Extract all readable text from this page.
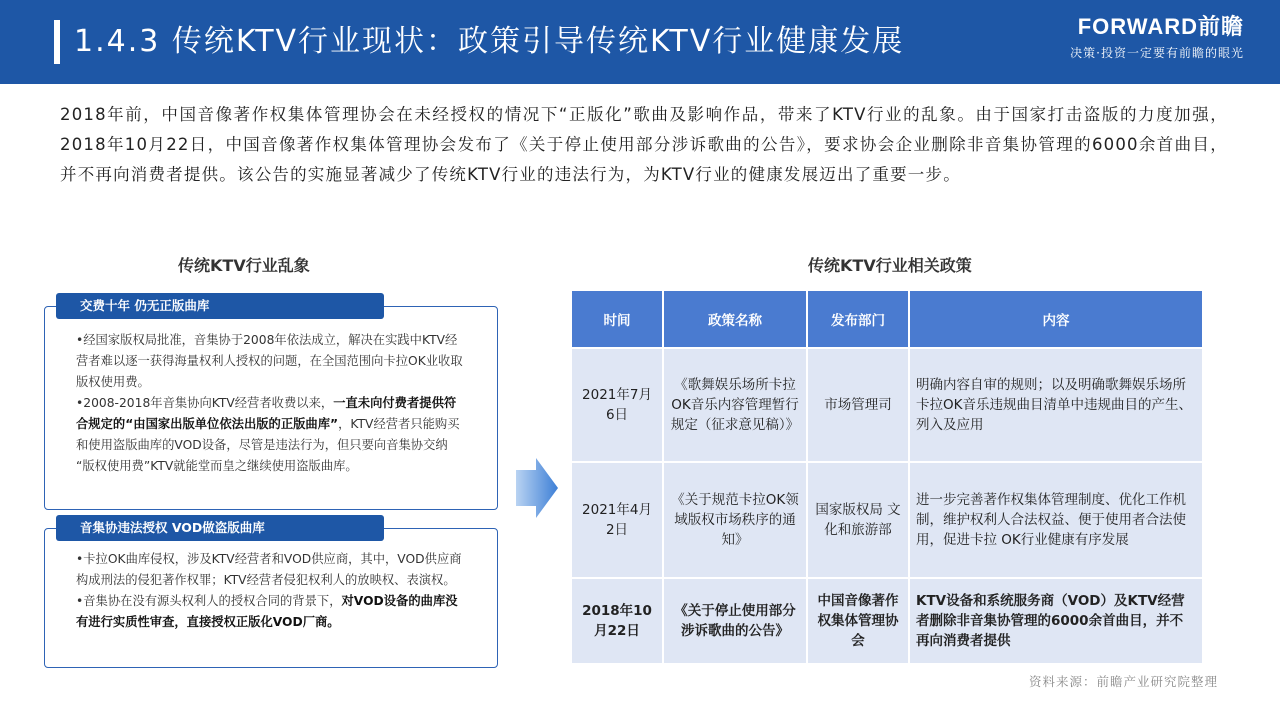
1.4.3 传统KTV行业现状：政策引导传统KTV行业健康发展	FORWARD前瞻
决策·投资一定要有前瞻的眼光
2018年前，中国音像著作权集体管理协会在未经授权的情况下“正版化”歌曲及影响作品，带来了KTV行业的乱象。由于国家打击盗版的力度加强，2018年10月22日，中国音像著作权集体管理协会发布了《关于停止使用部分涉诉歌曲的公告》，要求协会企业删除非音集协管理的6000余首曲目，并不再向消费者提供。该公告的实施显著减少了传统KTV行业的违法行为，为KTV行业的健康发展迈出了重要一步。
传统KTV行业乱象	传统KTV行业相关政策
交费十年 仍无正版曲库
•经国家版权局批准，音集协于2008年依法成立，解决在实践中KTV经营者难以逐一获得海量权利人授权的问题，在全国范围向卡拉OK业收取版权使用费。
•2008-2018年音集协向KTV经营者收费以来，一直未向付费者提供符合规定的“由国家出版单位依法出版的正版曲库”，KTV经营者只能购买和使用盗版曲库的VOD设备，尽管是违法行为，但只要向音集协交纳 “版权使用费”KTV就能堂而皇之继续使用盗版曲库。
音集协违法授权 VOD做盗版曲库
•卡拉OK曲库侵权，涉及KTV经营者和VOD供应商，其中，VOD供应商构成刑法的侵犯著作权罪；KTV经营者侵犯权利人的放映权、表演权。
•音集协在没有源头权利人的授权合同的背景下，对VOD设备的曲库没有进行实质性审查，直接授权正版化VOD厂商。
时间	政策名称	发布部门	内容
2021年7月6日	《歌舞娱乐场所卡拉OK音乐内容管理暂行规定（征求意见稿）》	市场管理司	明确内容自审的规则；以及明确歌舞娱乐场所卡拉OK音乐违规曲目清单中违规曲目的产生、列入及应用
2021年4月2日	《关于规范卡拉OK领域版权市场秩序的通知》	国家版权局 文化和旅游部	进一步完善著作权集体管理制度、优化工作机制，维护权利人合法权益、便于使用者合法使用，促进卡拉 OK行业健康有序发展
2018年10月22日	《关于停止使用部分涉诉歌曲的公告》	中国音像著作权集体管理协会	KTV设备和系统服务商（VOD）及KTV经营者删除非音集协管理的6000余首曲目，并不再向消费者提供
资料来源：前瞻产业研究院整理
